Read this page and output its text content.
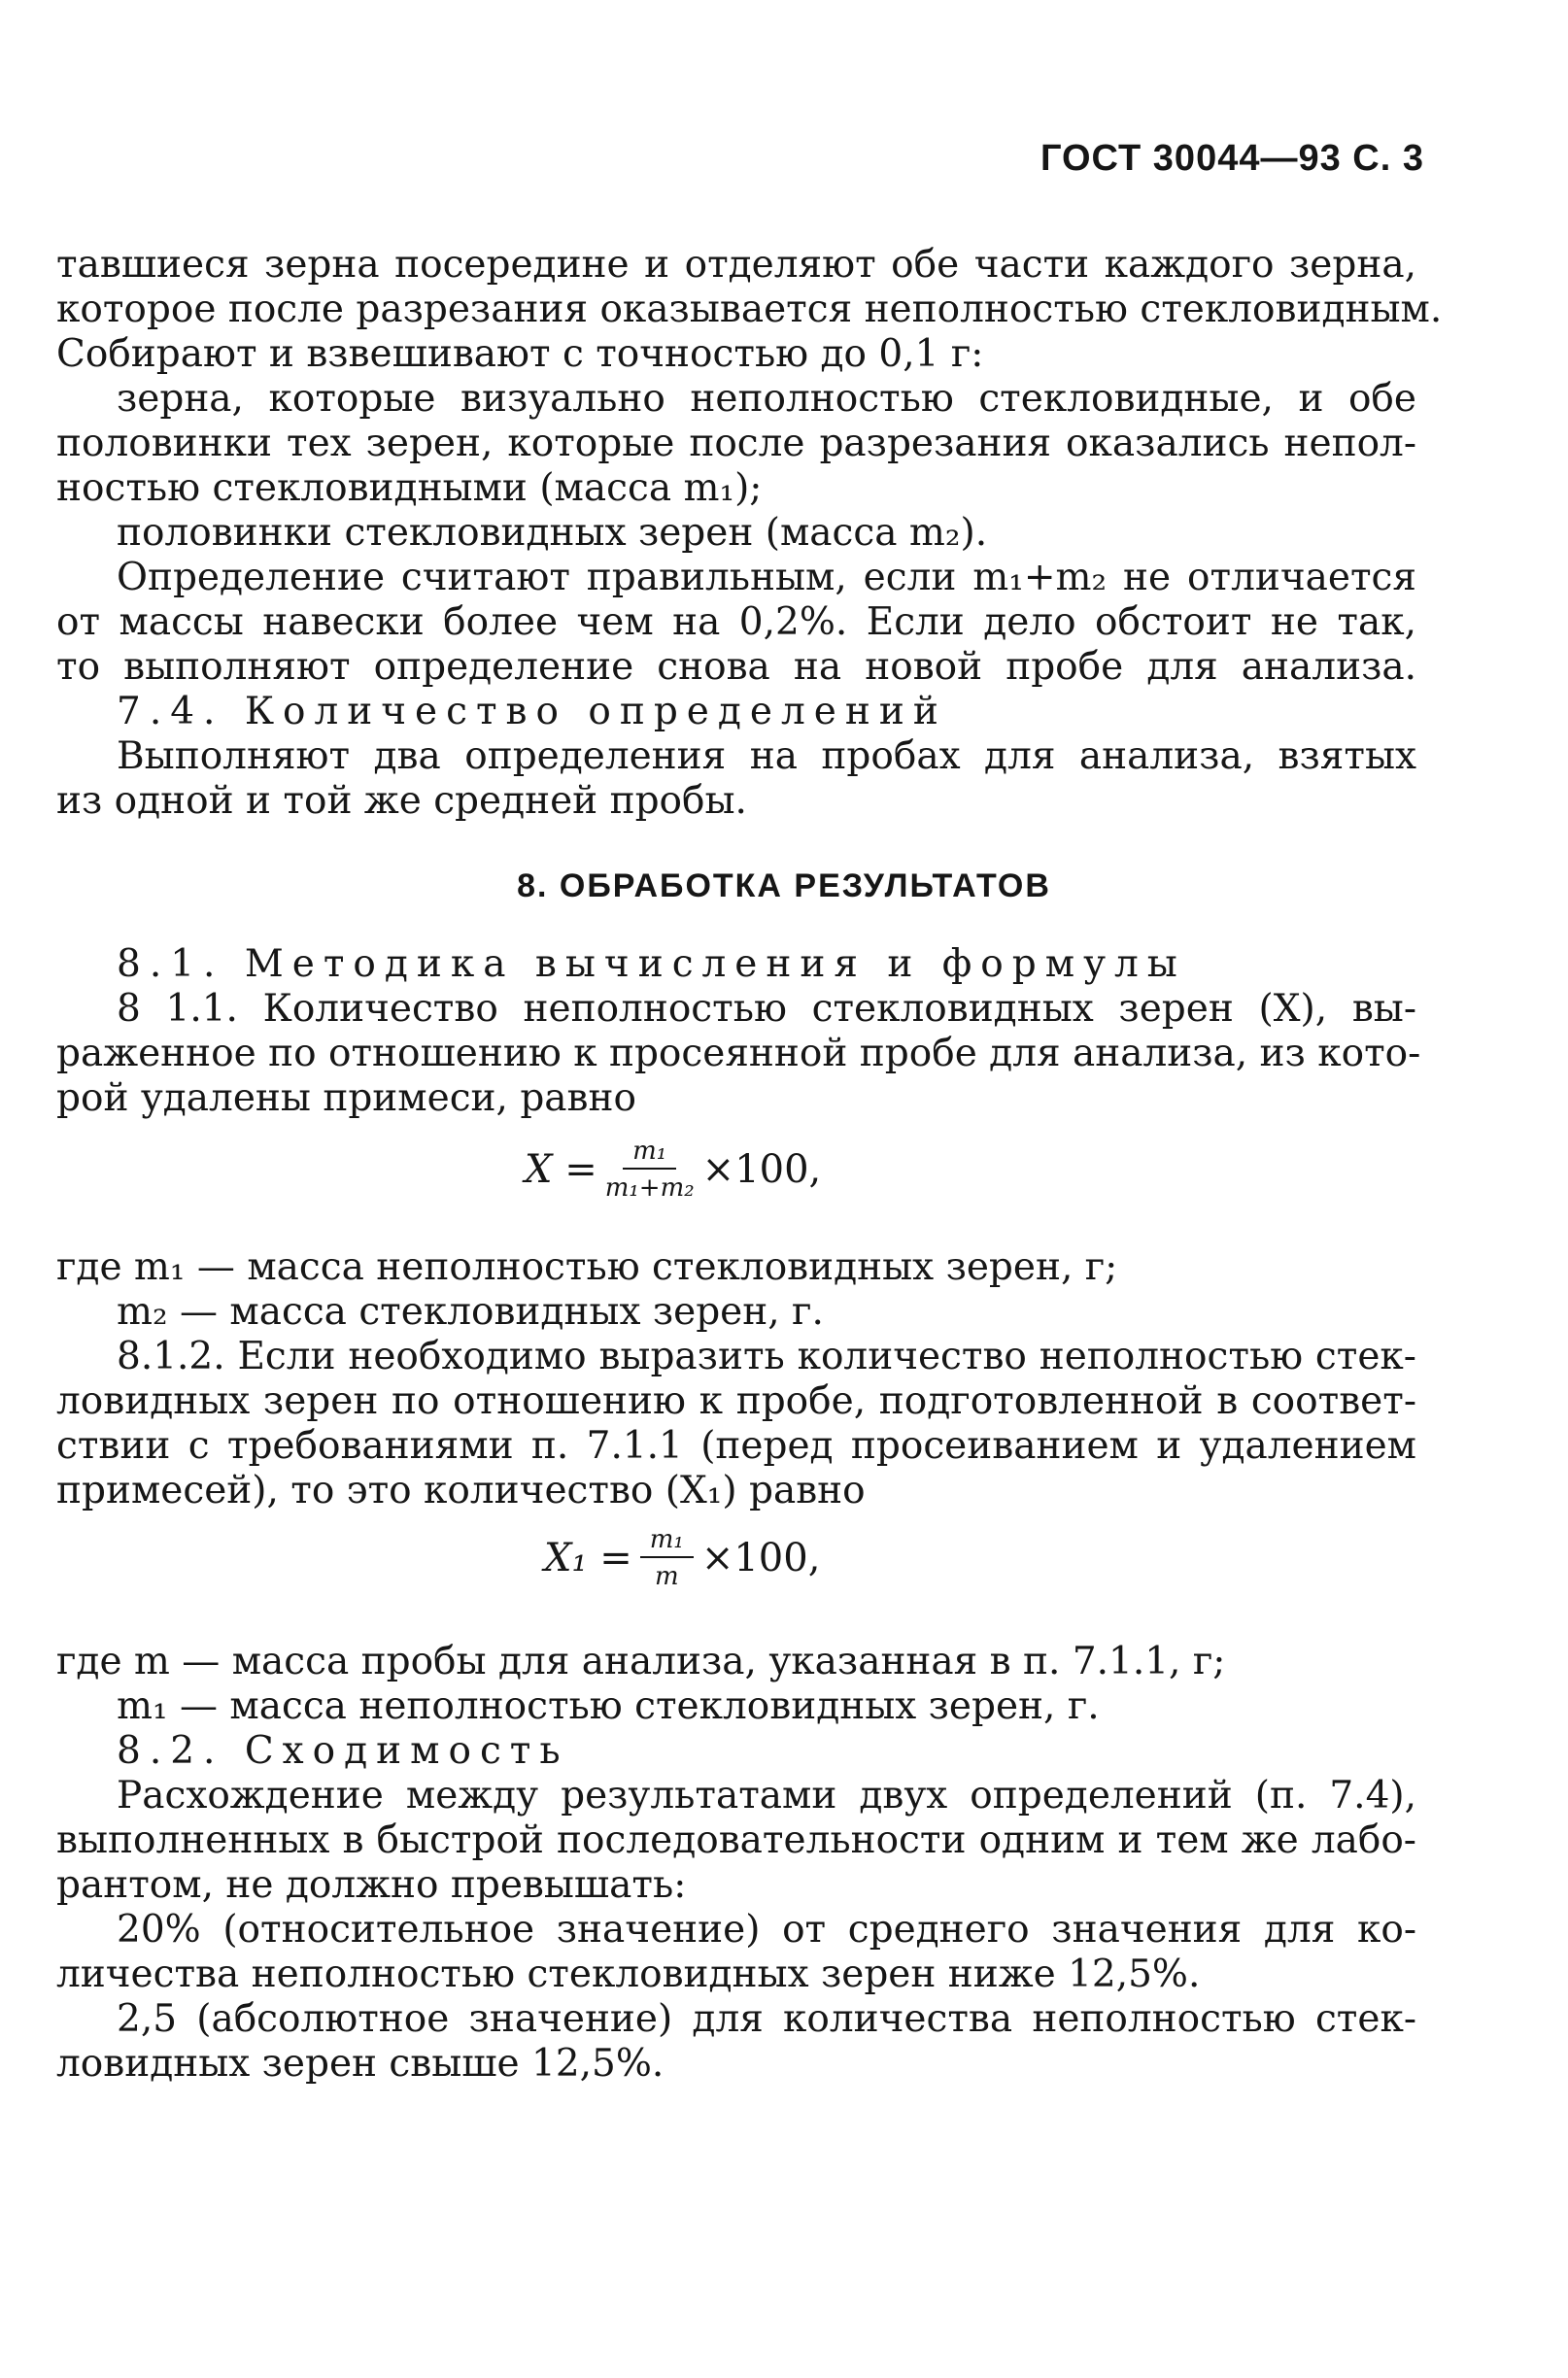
ГОСТ 30044—93 С. 3
тавшиеся зерна посередине и отделяют обе части каждого зерна,
которое после разрезания оказывается неполностью стекловидным.
Собирают и взвешивают с точностью до 0,1 г:
зерна, которые визуально неполностью стекловидные, и обе
половинки тех зерен, которые после разрезания оказались непол-
ностью стекловидными (масса m₁);
половинки стекловидных зерен (масса m₂).
Определение считают правильным, если m₁+m₂ не отличается
от массы навески более чем на 0,2%. Если дело обстоит не так,
то выполняют определение снова на новой пробе для анализа.
7.4. Количество определений
Выполняют два определения на пробах для анализа, взятых
из одной и той же средней пробы.
8. ОБРАБОТКА РЕЗУЛЬТАТОВ
8.1. Методика вычисления и формулы
8 1.1. Количество неполностью стекловидных зерен (X), вы-
раженное по отношению к просеянной пробе для анализа, из кото-
рой удалены примеси, равно
$X = \frac{\text{m₁}}{\text{m₁+m₂}} \times 100$,
где m₁ — масса неполностью стекловидных зерен, г;
m₂ — масса стекловидных зерен, г.
8.1.2. Если необходимо выразить количество неполностью стек-
ловидных зерен по отношению к пробе, подготовленной в соответ-
ствии с требованиями п. 7.1.1 (перед просеиванием и удалением
примесей), то это количество (X₁) равно
$X_1 = \frac{\text{m₁}}{m} \times 100$,
где m — масса пробы для анализа, указанная в п. 7.1.1, г;
m₁ — масса неполностью стекловидных зерен, г.
8.2. Сходимость
Расхождение между результатами двух определений (п. 7.4),
выполненных в быстрой последовательности одним и тем же лабо-
рантом, не должно превышать:
20% (относительное значение) от среднего значения для ко-
личества неполностью стекловидных зерен ниже 12,5%.
2,5 (абсолютное значение) для количества неполностью стек-
ловидных зерен свыше 12,5%.
